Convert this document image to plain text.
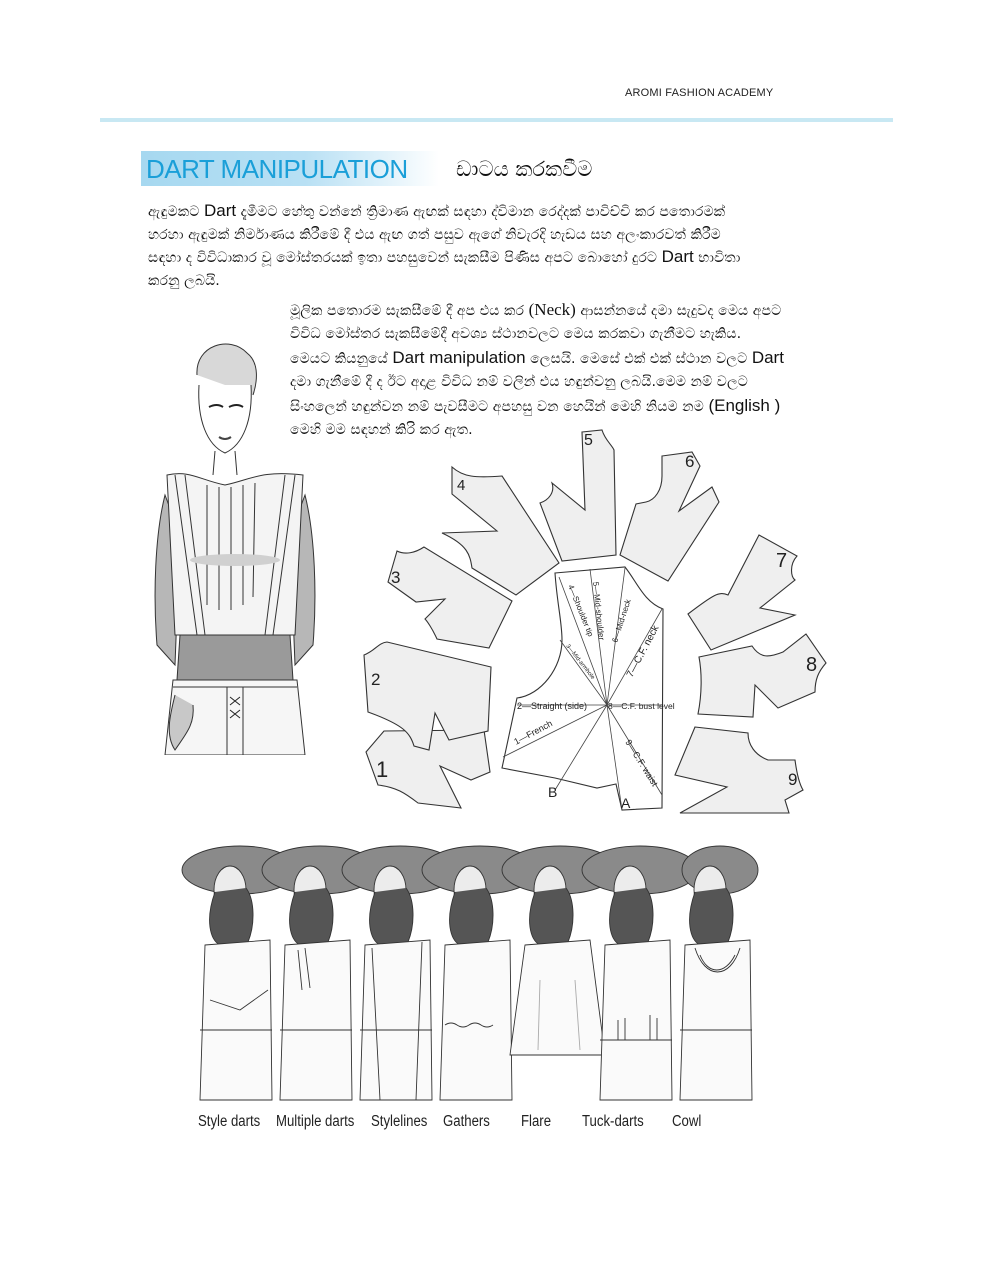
AROMI FASHION ACADEMY
DART MANIPULATION ඩාටය කරකවීම
ඇඳුමකට Dart දැමීමට හේතු වන්නේ ත්‍රිමාණ ඇඟක් සඳහා ද්විමාන රෙද්දක් පාවිච්චි කර පතොරමක්
හරහා ඇඳුමක් නිර්මාණය කිරීමේ දී එය ඇඟ ගත් පසුව ඇගේ නිවැරදි හැඩය සහ අලංකාරවත් කිරීම
සඳහා ද විවිධාකාර වූ මෝස්තරයක් ඉතා පහසුවෙන් සැකසීම පිණිස අපට බොහෝ දුරට Dart භාවිතා
කරනු ලබයි.
මූලික පතොරම සැකසීමේ දී අප එය කර (Neck) ආසන්නයේ දමා සැදුවද මෙය අපට
විවිධ මෝස්තර සැකසීමේදී අවශ්‍ය ස්ථානවලට මෙය කරකවා ගැනීමට හැකිය.
මෙයට කියනුයේ Dart manipulation ලෙසයි. මෙසේ එක් එක් ස්ථාන වලට Dart
දමා ගැනීමේ දී ද ඊට අදාළ විවිධ නම් වලින් එය හඳුන්වනු ලබයි.මෙම නම් වලට
සිංහලෙන් හඳුන්වන නම් පැවසීමට අපහසු වන හෙයින් මෙහි නියම නම (English )
මෙහි මම සඳහන් කිරි කර ඇත.
1
2
3
4
5
6
7
8
9
2—Straight (side) 8—C.F. bust level
1—French
4—Shoulder tip
5—Mid-shoulder 6—Mid-neck
3—Mid-armhole	7—C.F. neck
9—C.F. waist
B
A
Style darts Multiple darts Stylelines Gathers Flare Tuck-darts Cowl
